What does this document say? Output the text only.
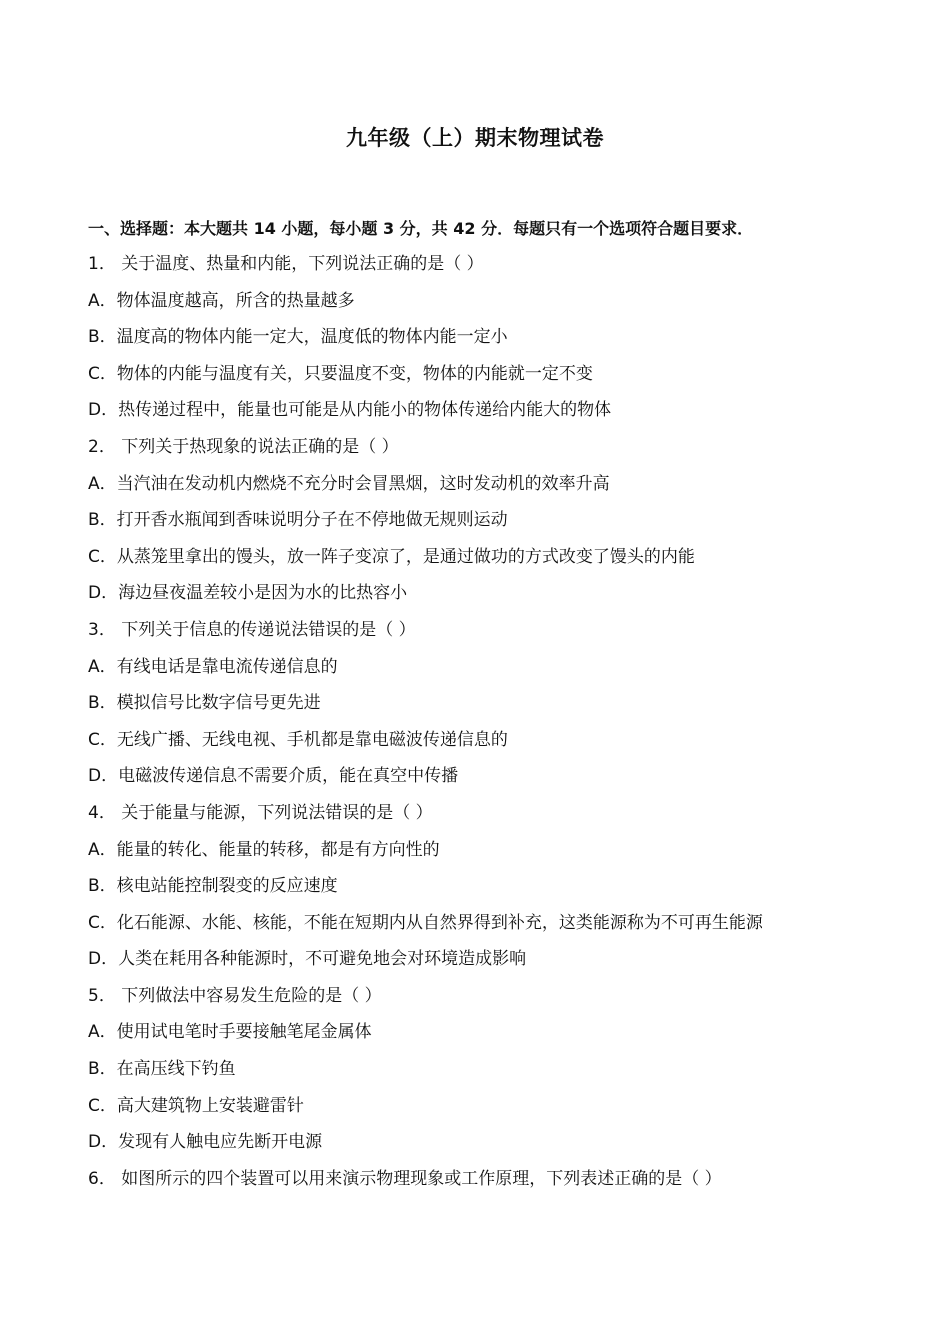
九年级（上）期末物理试卷
一、选择题：本大题共 14 小题，每小题 3 分，共 42 分．每题只有一个选项符合题目要求．
1． 关于温度、热量和内能，下列说法正确的是（ ）
A．物体温度越高，所含的热量越多
B．温度高的物体内能一定大，温度低的物体内能一定小
C．物体的内能与温度有关，只要温度不变，物体的内能就一定不变
D．热传递过程中，能量也可能是从内能小的物体传递给内能大的物体
2． 下列关于热现象的说法正确的是（ ）
A．当汽油在发动机内燃烧不充分时会冒黑烟，这时发动机的效率升高
B．打开香水瓶闻到香味说明分子在不停地做无规则运动
C．从蒸笼里拿出的馒头，放一阵子变凉了，是通过做功的方式改变了馒头的内能
D．海边昼夜温差较小是因为水的比热容小
3． 下列关于信息的传递说法错误的是（ ）
A．有线电话是靠电流传递信息的
B．模拟信号比数字信号更先进
C．无线广播、无线电视、手机都是靠电磁波传递信息的
D．电磁波传递信息不需要介质，能在真空中传播
4． 关于能量与能源，下列说法错误的是（ ）
A．能量的转化、能量的转移，都是有方向性的
B．核电站能控制裂变的反应速度
C．化石能源、水能、核能，不能在短期内从自然界得到补充，这类能源称为不可再生能源
D．人类在耗用各种能源时，不可避免地会对环境造成影响
5． 下列做法中容易发生危险的是（ ）
A．使用试电笔时手要接触笔尾金属体
B．在高压线下钓鱼
C．高大建筑物上安装避雷针
D．发现有人触电应先断开电源
6． 如图所示的四个装置可以用来演示物理现象或工作原理，下列表述正确的是（ ）
